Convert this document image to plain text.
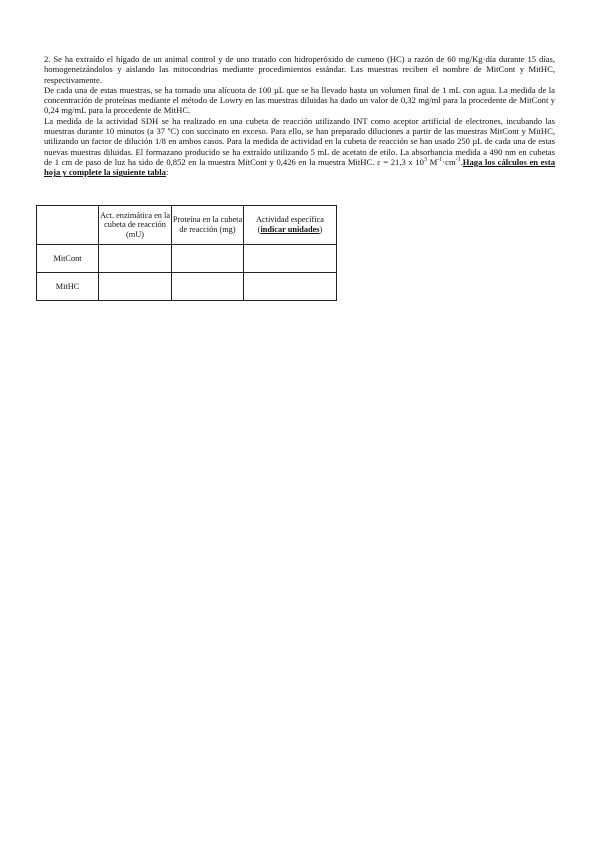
2. Se ha extraído el hígado de un animal control y de uno tratado con hidroperóxido de cumeno (HC) a razón de 60 mg/Kg·día durante 15 días, homogeneizándolos y aislando las mitocondrias mediante procedimientos estándar. Las muestras reciben el nombre de MitCont y MitHC, respectivamente.

De cada una de estas muestras, se ha tomado una alícuota de 100 µL que se ha llevado hasta un volumen final de 1 mL con agua. La medida de la concentración de proteínas mediante el método de Lowry en las muestras diluidas ha dado un valor de 0,32 mg/ml para la procedente de MitCont y 0,24 mg/mL para la procedente de MitHC.

La medida de la actividad SDH se ha realizado en una cubeta de reacción utilizando INT como aceptor artificial de electrones, incubando las muestras durante 10 minutos (a 37 ºC) con succinato en exceso. Para ello, se han preparado diluciones a partir de las muestras MitCont y MitHC, utilizando un factor de dilución 1/8 en ambos casos. Para la medida de actividad en la cubeta de reacción se han usado 250 µL de cada una de estas nuevas muestras diluidas. El formazano producido se ha extraído utilizando 5 mL de acetato de etilo. La absorbancia medida a 490 nm en cubetas de 1 cm de paso de luz ha sido de 0,852 en la muestra MitCont y 0,426 en la muestra MitHC. ε = 21,3 x $10^3$ $M^{-1}\cdot cm^{-1}.Haga$ los cálculos en esta hoja y complete la siguiente tabla:

	Act. enzimática en la cubeta de reacción (mU)	Proteína en la cubeta de reacción (mg)	Actividad específica (indicar unidades)
MitCont			
MitHC			
